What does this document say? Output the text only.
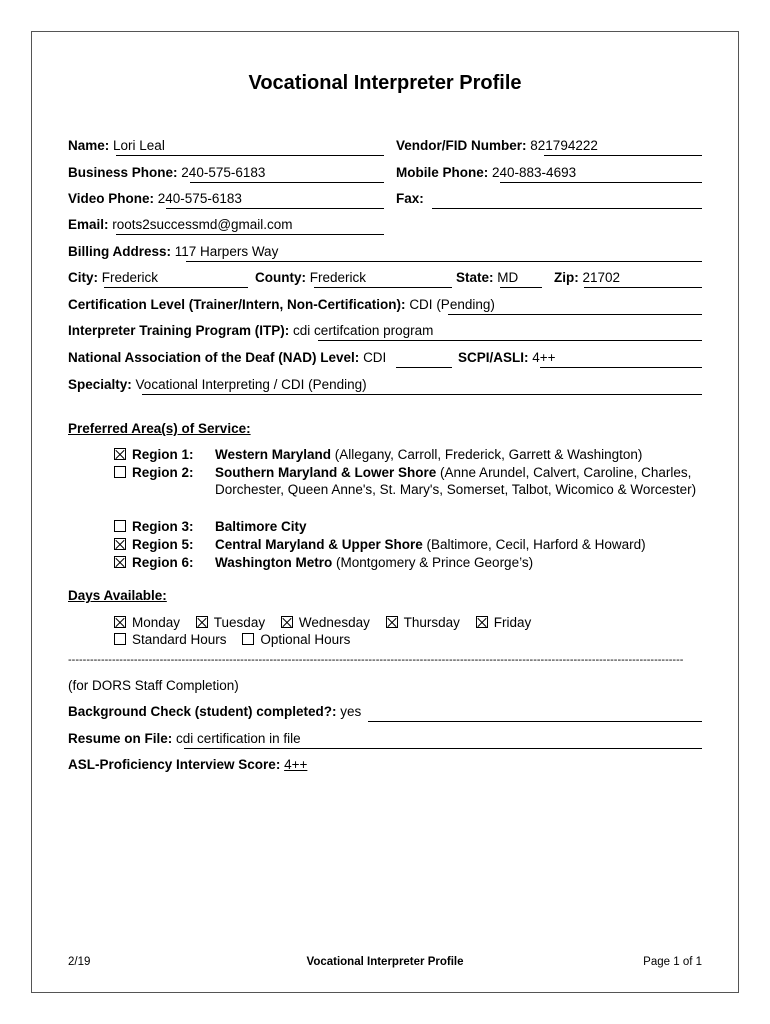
Vocational Interpreter Profile
Name: Lori Leal	Vendor/FID Number: 821794222
Business Phone: 240-575-6183	Mobile Phone: 240-883-4693
Video Phone: 240-575-6183	Fax:
Email: roots2successmd@gmail.com
Billing Address: 117 Harpers Way
City: Frederick	County: Frederick	State: MD	Zip: 21702
Certification Level (Trainer/Intern, Non-Certification): CDI (Pending)
Interpreter Training Program (ITP): cdi certifcation program
National Association of the Deaf (NAD) Level: CDI	SCPI/ASLI: 4++
Specialty: Vocational Interpreting / CDI (Pending)
Preferred Area(s) of Service:
Region 1: Western Maryland (Allegany, Carroll, Frederick, Garrett & Washington)
Region 2: Southern Maryland & Lower Shore (Anne Arundel, Calvert, Caroline, Charles, Dorchester, Queen Anne's, St. Mary's, Somerset, Talbot, Wicomico & Worcester)
Region 3: Baltimore City
Region 5: Central Maryland & Upper Shore (Baltimore, Cecil, Harford & Howard)
Region 6: Washington Metro (Montgomery & Prince George’s)
Days Available:
Monday	Tuesday	Wednesday	Thursday	Friday
Standard Hours	Optional Hours
------------------------------------------------------------------------------------------------------------------------------------------------------------------------
(for DORS Staff Completion)
Background Check (student) completed?: yes
Resume on File: cdi certification in file
ASL-Proficiency Interview Score: 4++
2/19	Vocational Interpreter Profile	Page 1 of 1
